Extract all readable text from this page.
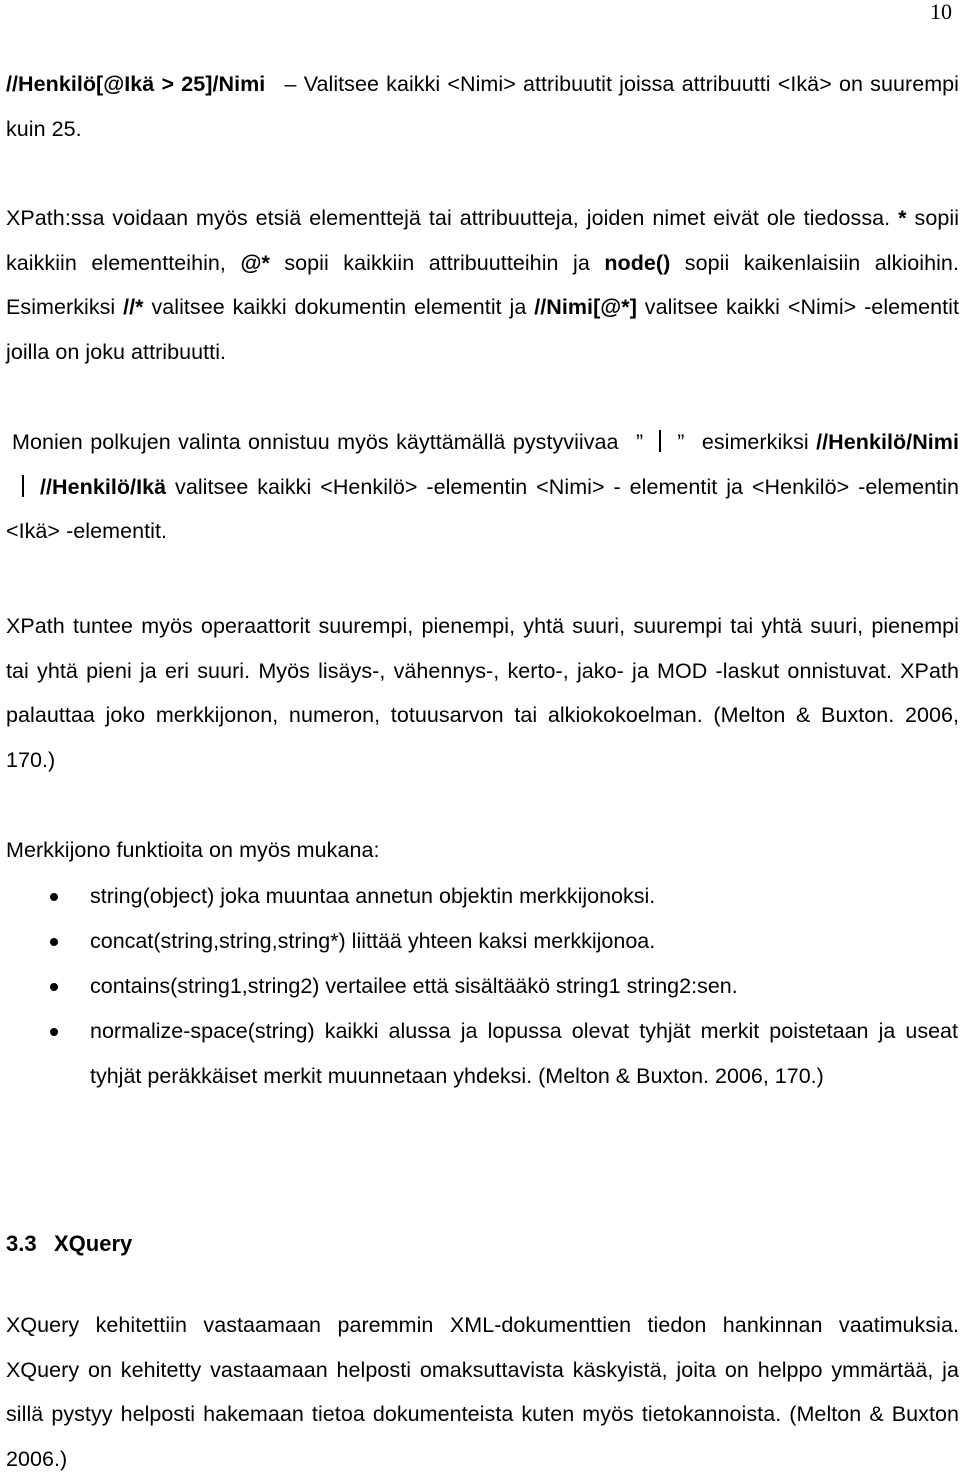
10
//Henkilö[@Ikä > 25]/Nimi – Valitsee kaikki <Nimi> attribuutit joissa attribuutti <Ikä> on suurempi kuin 25.
XPath:ssa voidaan myös etsiä elementtejä tai attribuutteja, joiden nimet eivät ole tiedossa. * sopii kaikkiin elementteihin, @* sopii kaikkiin attribuutteihin ja node() sopii kaikenlaisiin alkioihin. Esimerkiksi //* valitsee kaikki dokumentin elementit ja //Nimi[@*] valitsee kaikki <Nimi> -elementit joilla on joku attribuutti.
Monien polkujen valinta onnistuu myös käyttämällä pystyviivaa ” ” esimerkiksi //Henkilö/Nimi//Henkilö/Ikä valitsee kaikki <Henkilö> -elementin <Nimi> - elementit ja <Henkilö> -elementin <Ikä> -elementit.
XPath tuntee myös operaattorit suurempi, pienempi, yhtä suuri, suurempi tai yhtä suuri, pienempi tai yhtä pieni ja eri suuri. Myös lisäys-, vähennys-, kerto-, jako- ja MOD -laskut onnistuvat. XPath palauttaa joko merkkijonon, numeron, totuusarvon tai alkiokokoelman. (Melton & Buxton. 2006, 170.)
Merkkijono funktioita on myös mukana:
string(object) joka muuntaa annetun objektin merkkijonoksi.
concat(string,string,string*) liittää yhteen kaksi merkkijonoa.
contains(string1,string2) vertailee että sisältääkö string1 string2:sen.
normalize-space(string) kaikki alussa ja lopussa olevat tyhjät merkit poistetaan ja useat tyhjät peräkkäiset merkit muunnetaan yhdeksi. (Melton & Buxton. 2006, 170.)
3.3 XQuery
XQuery kehitettiin vastaamaan paremmin XML-dokumenttien tiedon hankinnan vaatimuksia. XQuery on kehitetty vastaamaan helposti omaksuttavista käskyistä, joita on helppo ymmärtää, ja sillä pystyy helposti hakemaan tietoa dokumenteista kuten myös tietokannoista. (Melton & Buxton 2006.)
